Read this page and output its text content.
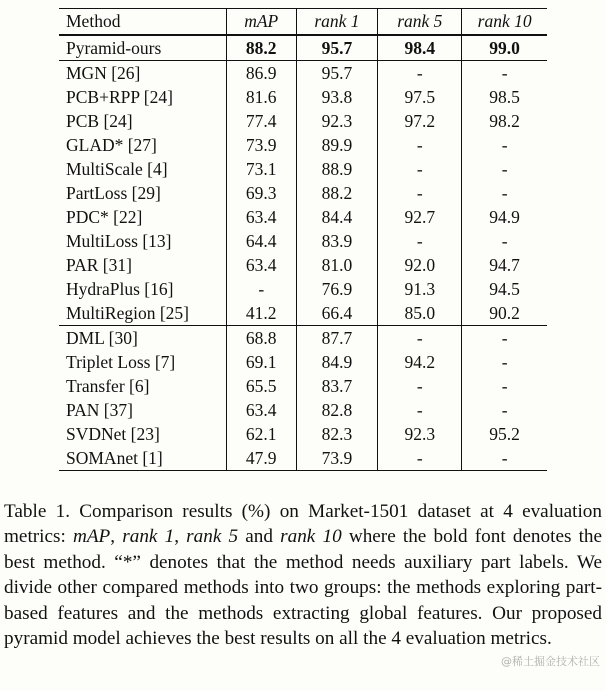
Method	mAP	rank 1	rank 5	rank 10
Pyramid-ours	88.2	95.7	98.4	99.0
MGN [26]	86.9	95.7	-	-
PCB+RPP [24]	81.6	93.8	97.5	98.5
PCB [24]	77.4	92.3	97.2	98.2
GLAD* [27]	73.9	89.9	-	-
MultiScale [4]	73.1	88.9	-	-
PartLoss [29]	69.3	88.2	-	-
PDC* [22]	63.4	84.4	92.7	94.9
MultiLoss [13]	64.4	83.9	-	-
PAR [31]	63.4	81.0	92.0	94.7
HydraPlus [16]	-	76.9	91.3	94.5
MultiRegion [25]	41.2	66.4	85.0	90.2
DML [30]	68.8	87.7	-	-
Triplet Loss [7]	69.1	84.9	94.2	-
Transfer [6]	65.5	83.7	-	-
PAN [37]	63.4	82.8	-	-
SVDNet [23]	62.1	82.3	92.3	95.2
SOMAnet [1]	47.9	73.9	-	-

Table 1. Comparison results (%) on Market-1501 dataset at 4 evaluation metrics: mAP, rank 1, rank 5 and rank 10 where the bold font denotes the best method. “*” denotes that the method needs auxiliary part labels. We divide other compared methods into two groups: the methods exploring part-based features and the methods extracting global features. Our proposed pyramid model achieves the best results on all the 4 evaluation metrics.

@稀土掘金技术社区
